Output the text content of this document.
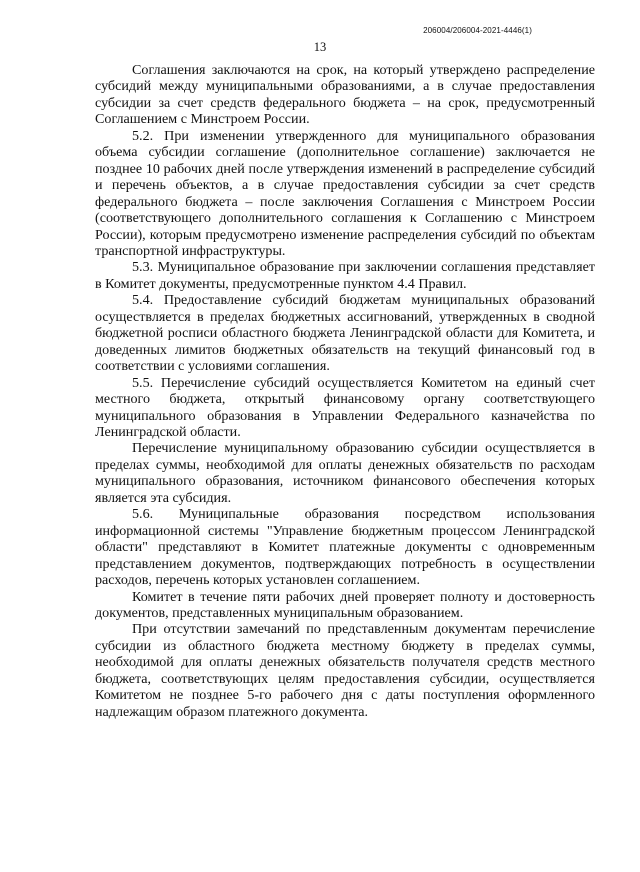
206004/206004-2021-4446(1)
13

Соглашения заключаются на срок, на который утверждено распределение субсидий между муниципальными образованиями, а в случае предоставления субсидии за счет средств федерального бюджета – на срок, предусмотренный Соглашением с Минстроем России.

5.2. При изменении утвержденного для муниципального образования объема субсидии соглашение (дополнительное соглашение) заключается не позднее 10 рабочих дней после утверждения изменений в распределение субсидий и перечень объектов, а в случае предоставления субсидии за счет средств федерального бюджета – после заключения Соглашения с Минстроем России (соответствующего дополнительного соглашения к Соглашению с Минстроем России), которым предусмотрено изменение распределения субсидий по объектам транспортной инфраструктуры.

5.3. Муниципальное образование при заключении соглашения представляет в Комитет документы, предусмотренные пунктом 4.4 Правил.

5.4. Предоставление субсидий бюджетам муниципальных образований осуществляется в пределах бюджетных ассигнований, утвержденных в сводной бюджетной росписи областного бюджета Ленинградской области для Комитета, и доведенных лимитов бюджетных обязательств на текущий финансовый год в соответствии с условиями соглашения.

5.5. Перечисление субсидий осуществляется Комитетом на единый счет местного бюджета, открытый финансовому органу соответствующего муниципального образования в Управлении Федерального казначейства по Ленинградской области.

Перечисление муниципальному образованию субсидии осуществляется в пределах суммы, необходимой для оплаты денежных обязательств по расходам муниципального образования, источником финансового обеспечения которых является эта субсидия.

5.6. Муниципальные образования посредством использования информационной системы "Управление бюджетным процессом Ленинградской области" представляют в Комитет платежные документы с одновременным представлением документов, подтверждающих потребность в осуществлении расходов, перечень которых установлен соглашением.

Комитет в течение пяти рабочих дней проверяет полноту и достоверность документов, представленных муниципальным образованием.

При отсутствии замечаний по представленным документам перечисление субсидии из областного бюджета местному бюджету в пределах суммы, необходимой для оплаты денежных обязательств получателя средств местного бюджета, соответствующих целям предоставления субсидии, осуществляется Комитетом не позднее 5-го рабочего дня с даты поступления оформленного надлежащим образом платежного документа.
